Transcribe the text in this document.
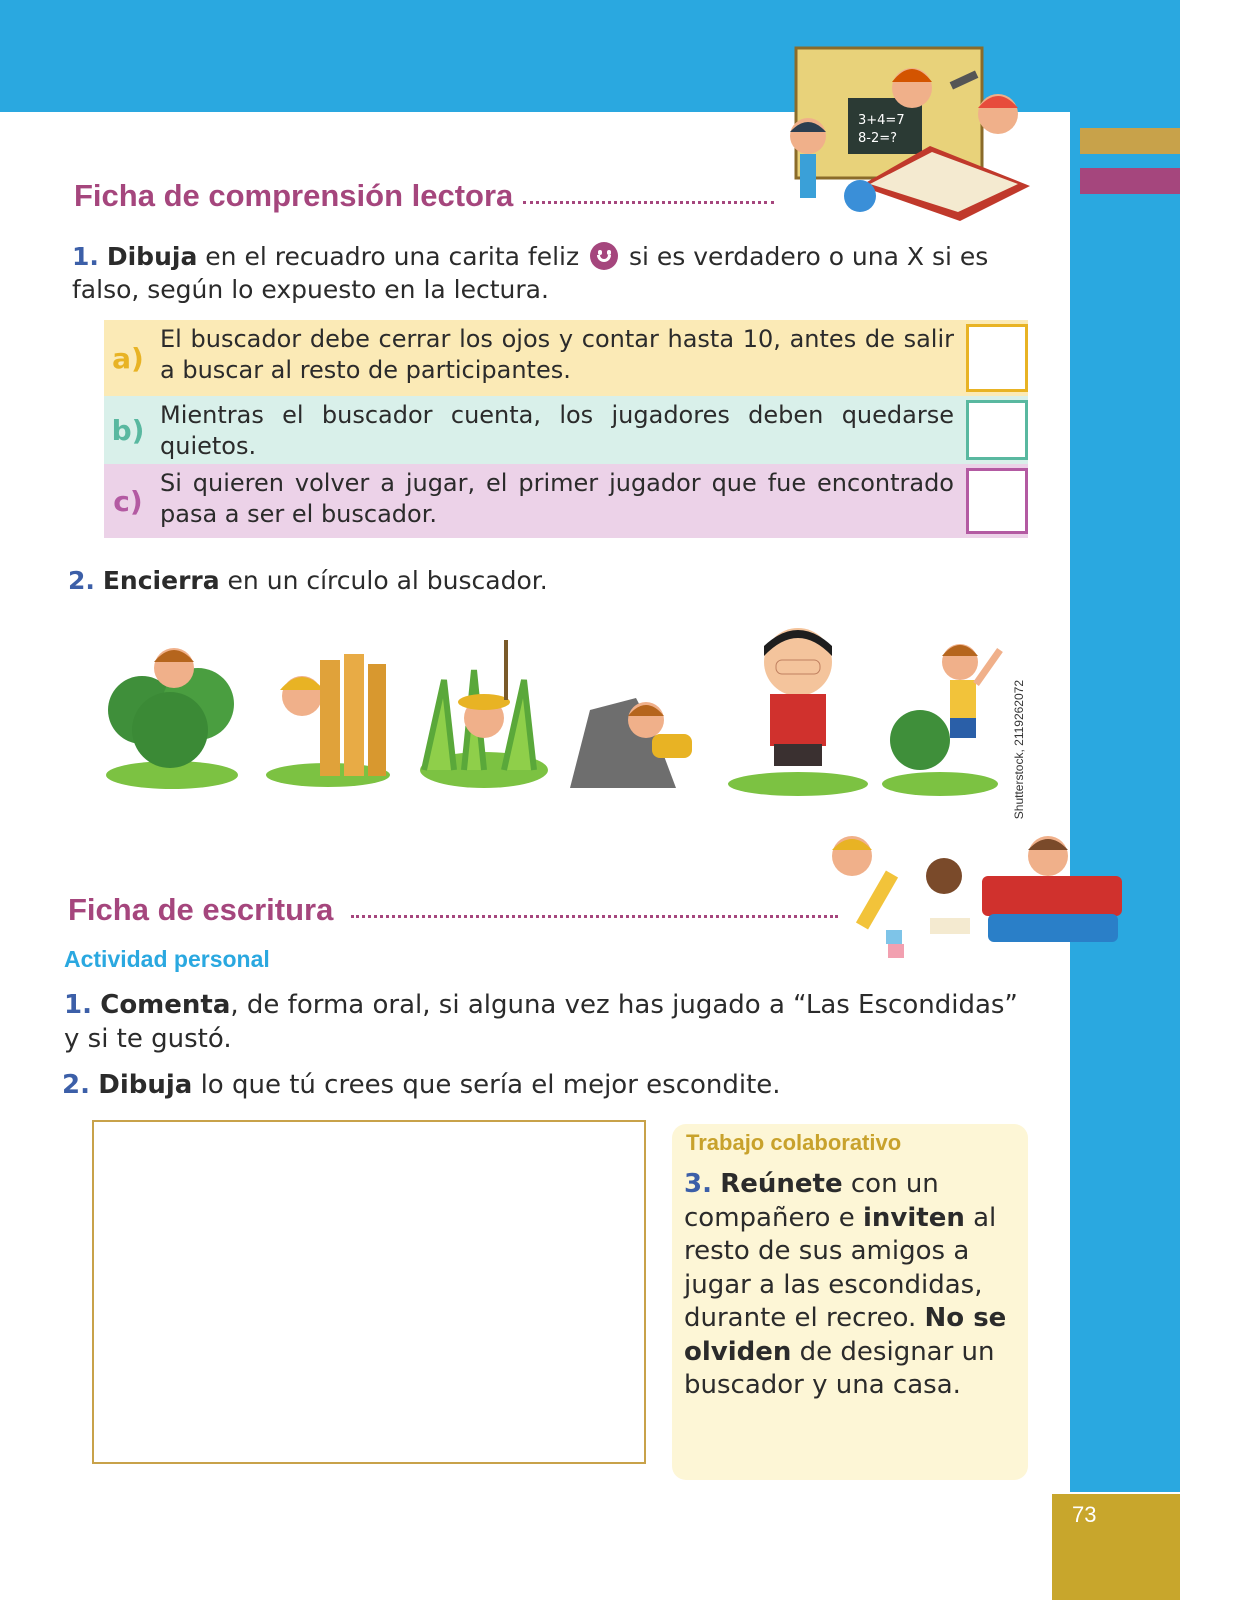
3+4=7
8-2=?
Ficha de comprensión lectora
1. Dibuja en el recuadro una carita feliz  si es verdadero o una X si es falso, según lo expuesto en la lectura.
a)
El buscador debe cerrar los ojos y contar hasta 10, antes de salir a buscar al resto de participantes.
b) Mientras el buscador cuenta, los jugadores deben quedarse quietos.
c)
Si quieren volver a jugar, el primer jugador que fue encontrado pasa a ser el buscador.
2. Encierra en un círculo al buscador.
Shutterstock, 2119262072
Ficha de escritura
Actividad personal
1. Comenta, de forma oral, si alguna vez has jugado a “Las Escondidas” y si te gustó.
2. Dibuja lo que tú crees que sería el mejor escondite.
Trabajo colaborativo
3. Reúnete con un compañero e inviten al resto de sus amigos a jugar a las escondidas, durante el recreo. No se olviden de designar un buscador y una casa.
73
